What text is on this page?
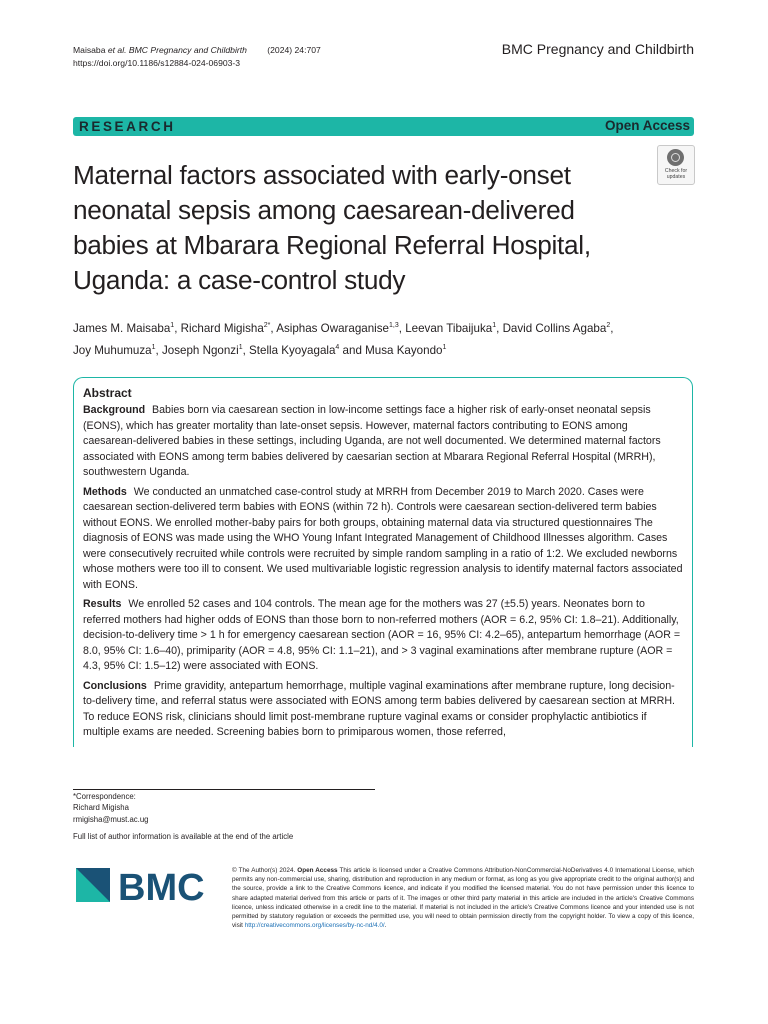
Maisaba et al. BMC Pregnancy and Childbirth (2024) 24:707
https://doi.org/10.1186/s12884-024-06903-3
BMC Pregnancy and Childbirth
RESEARCH	Open Access
Maternal factors associated with early-onset neonatal sepsis among caesarean-delivered babies at Mbarara Regional Referral Hospital, Uganda: a case-control study
Check for
updates
James M. Maisaba$^1$, Richard Migisha$^{2*}$, Asiphas Owaraganise$^{1,3}$, Leevan Tibaijuka$^1$, David Collins Agaba$^2$,
Joy Muhumuza$^1$, Joseph Ngonzi$^1$, Stella Kyoyagala$^4$ and Musa Kayondo$^1$
Abstract

Background Babies born via caesarean section in low-income settings face a higher risk of early-onset neonatal sepsis (EONS), which has greater mortality than late-onset sepsis. However, maternal factors contributing to EONS among caesarean-delivered babies in these settings, including Uganda, are not well documented. We determined maternal factors associated with EONS among term babies delivered by caesarian section at Mbarara Regional Referral Hospital (MRRH), southwestern Uganda.

Methods We conducted an unmatched case-control study at MRRH from December 2019 to March 2020. Cases were caesarean section-delivered term babies with EONS (within 72 h). Controls were caesarean section-delivered term babies without EONS. We enrolled mother-baby pairs for both groups, obtaining maternal data via structured questionnaires The diagnosis of EONS was made using the WHO Young Infant Integrated Management of Childhood Illnesses algorithm. Cases were consecutively recruited while controls were recruited by simple random sampling in a ratio of 1:2. We excluded newborns whose mothers were too ill to consent. We used multivariable logistic regression analysis to identify maternal factors associated with EONS.

Results We enrolled 52 cases and 104 controls. The mean age for the mothers was 27 (±5.5) years. Neonates born to referred mothers had higher odds of EONS than those born to non-referred mothers (AOR = 6.2, 95% CI: 1.8–21). Additionally, decision-to-delivery time > 1 h for emergency caesarean section (AOR = 16, 95% CI: 4.2–65), antepartum hemorrhage (AOR = 8.0, 95% CI: 1.6–40), primiparity (AOR = 4.8, 95% CI: 1.1–21), and > 3 vaginal examinations after membrane rupture (AOR = 4.3, 95% CI: 1.5–12) were associated with EONS.

Conclusions Prime gravidity, antepartum hemorrhage, multiple vaginal examinations after membrane rupture, long decision-to-delivery time, and referral status were associated with EONS among term babies delivered by caesarean section at MRRH. To reduce EONS risk, clinicians should limit post-membrane rupture vaginal exams or consider prophylactic antibiotics if multiple exams are needed. Screening babies born to primiparous women, those referred,

*Correspondence:
Richard Migisha
rmigisha@must.ac.ug
Full list of author information is available at the end of the article
BMC	© The Author(s) 2024. Open Access This article is licensed under a Creative Commons Attribution-NonCommercial-NoDerivatives 4.0 International License, which permits any non-commercial use, sharing, distribution and reproduction in any medium or format, as long as you give appropriate credit to the original author(s) and the source, provide a link to the Creative Commons licence, and indicate if you modified the licensed material. You do not have permission under this licence to share adapted material derived from this article or parts of it. The images or other third party material in this article are included in the article's Creative Commons licence, unless indicated otherwise in a credit line to the material. If material is not included in the article's Creative Commons licence and your intended use is not permitted by statutory regulation or exceeds the permitted use, you will need to obtain permission directly from the copyright holder. To view a copy of this licence, visit http://creativecommons.org/licenses/by-nc-nd/4.0/.
